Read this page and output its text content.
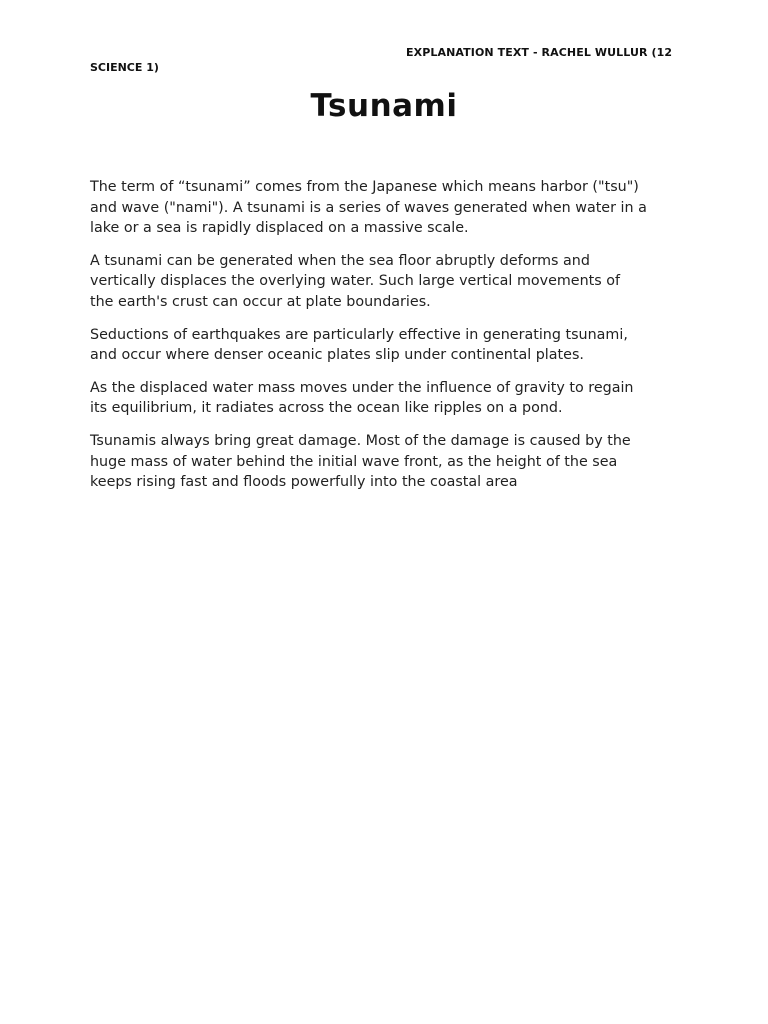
EXPLANATION TEXT - RACHEL WULLUR (12
SCIENCE 1)
Tsunami

The term of “tsunami” comes from the Japanese which means harbor ("tsu")
and wave ("nami"). A tsunami is a series of waves generated when water in a
lake or a sea is rapidly displaced on a massive scale.

A tsunami can be generated when the sea floor abruptly deforms and
vertically displaces the overlying water. Such large vertical movements of
the earth's crust can occur at plate boundaries.

Seductions of earthquakes are particularly effective in generating tsunami,
and occur where denser oceanic plates slip under continental plates.

As the displaced water mass moves under the influence of gravity to regain
its equilibrium, it radiates across the ocean like ripples on a pond.

Tsunamis always bring great damage. Most of the damage is caused by the
huge mass of water behind the initial wave front, as the height of the sea
keeps rising fast and floods powerfully into the coastal area
